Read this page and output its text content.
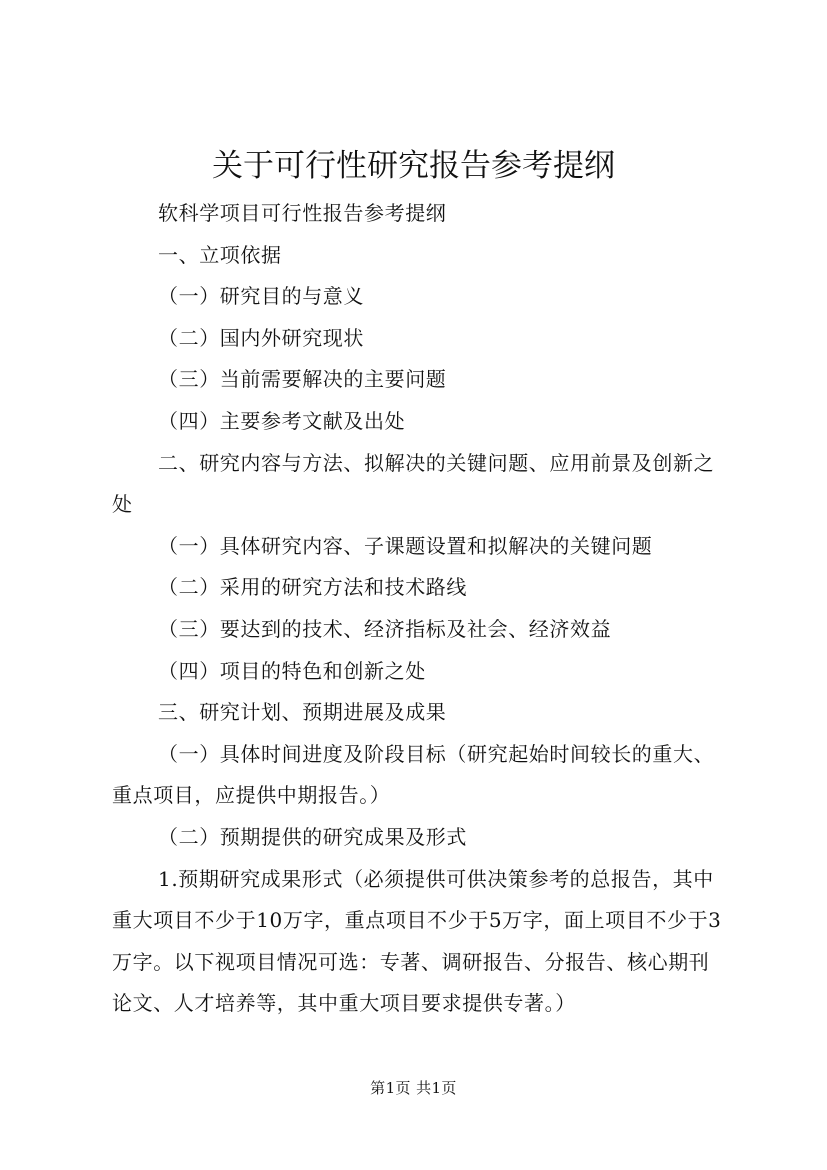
关于可行性研究报告参考提纲

软科学项目可行性报告参考提纲

一、立项依据

（一）研究目的与意义

（二）国内外研究现状

（三）当前需要解决的主要问题

（四）主要参考文献及出处

二、研究内容与方法、拟解决的关键问题、应用前景及创新之处

（一）具体研究内容、子课题设置和拟解决的关键问题

（二）采用的研究方法和技术路线

（三）要达到的技术、经济指标及社会、经济效益

（四）项目的特色和创新之处

三、研究计划、预期进展及成果

（一）具体时间进度及阶段目标（研究起始时间较长的重大、重点项目，应提供中期报告。）

（二）预期提供的研究成果及形式

1.预期研究成果形式（必须提供可供决策参考的总报告，其中重大项目不少于10万字，重点项目不少于5万字，面上项目不少于3万字。以下视项目情况可选：专著、调研报告、分报告、核心期刊论文、人才培养等，其中重大项目要求提供专著。）

第1页 共1页
